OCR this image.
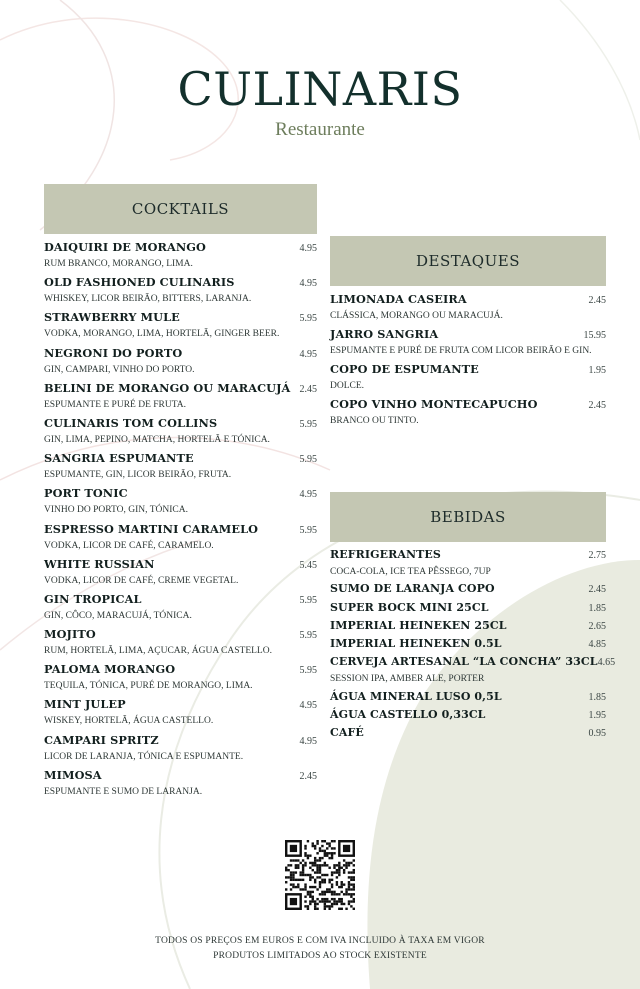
CULINARIS
Restaurante
COCKTAILS
DAIQUIRI DE MORANGO	4.95
RUM BRANCO, MORANGO, LIMA.
OLD FASHIONED CULINARIS	4.95
WHISKEY, LICOR BEIRÃO, BITTERS, LARANJA.
STRAWBERRY MULE	5.95
VODKA, MORANGO, LIMA, HORTELÃ, GINGER BEER.
NEGRONI DO PORTO	4.95
GIN, CAMPARI, VINHO DO PORTO.
BELINI DE MORANGO OU MARACUJÁ 2.45
ESPUMANTE E PURÉ DE FRUTA.
CULINARIS TOM COLLINS	5.95
GIN, LIMA, PEPINO, MATCHA, HORTELÃ E TÓNICA.
SANGRIA ESPUMANTE	5.95
ESPUMANTE, GIN, LICOR BEIRÃO, FRUTA.
PORT TONIC	4.95
VINHO DO PORTO, GIN, TÓNICA.
ESPRESSO MARTINI CARAMELO	5.95
VODKA, LICOR DE CAFÉ, CARAMELO.
WHITE RUSSIAN	5.45
VODKA, LICOR DE CAFÉ, CREME VEGETAL.
GIN TROPICAL	5.95
GIN, CÔCO, MARACUJÁ, TÓNICA.
MOJITO	5.95
RUM, HORTELÃ, LIMA, AÇUCAR, ÁGUA CASTELLO.
PALOMA MORANGO	5.95
TEQUILA, TÓNICA, PURÉ DE MORANGO, LIMA.
MINT JULEP	4.95
WISKEY, HORTELÃ, ÁGUA CASTELLO.
CAMPARI SPRITZ	4.95
LICOR DE LARANJA, TÓNICA E ESPUMANTE.
MIMOSA	2.45
ESPUMANTE E SUMO DE LARANJA.
DESTAQUES
LIMONADA CASEIRA	2.45
CLÁSSICA, MORANGO OU MARACUJÁ.
JARRO SANGRIA	15.95
ESPUMANTE E PURÉ DE FRUTA COM LICOR BEIRÃO E GIN.
COPO DE ESPUMANTE	1.95
DOLCE.
COPO VINHO MONTECAPUCHO	2.45
BRANCO OU TINTO.
BEBIDAS
REFRIGERANTES	2.75
COCA-COLA, ICE TEA PÊSSEGO, 7UP
SUMO DE LARANJA COPO	2.45
SUPER BOCK MINI 25CL	1.85
IMPERIAL HEINEKEN 25CL	2.65
IMPERIAL HEINEKEN 0.5L	4.85
CERVEJA ARTESANAL “LA CONCHA” 33CL 4.65
SESSION IPA, AMBER ALE, PORTER
ÁGUA MINERAL LUSO 0,5L	1.85
ÁGUA CASTELLO 0,33CL	1.95
CAFÉ	0.95
TODOS OS PREÇOS EM EUROS E COM IVA INCLUIDO À TAXA EM VIGOR
PRODUTOS LIMITADOS AO STOCK EXISTENTE
